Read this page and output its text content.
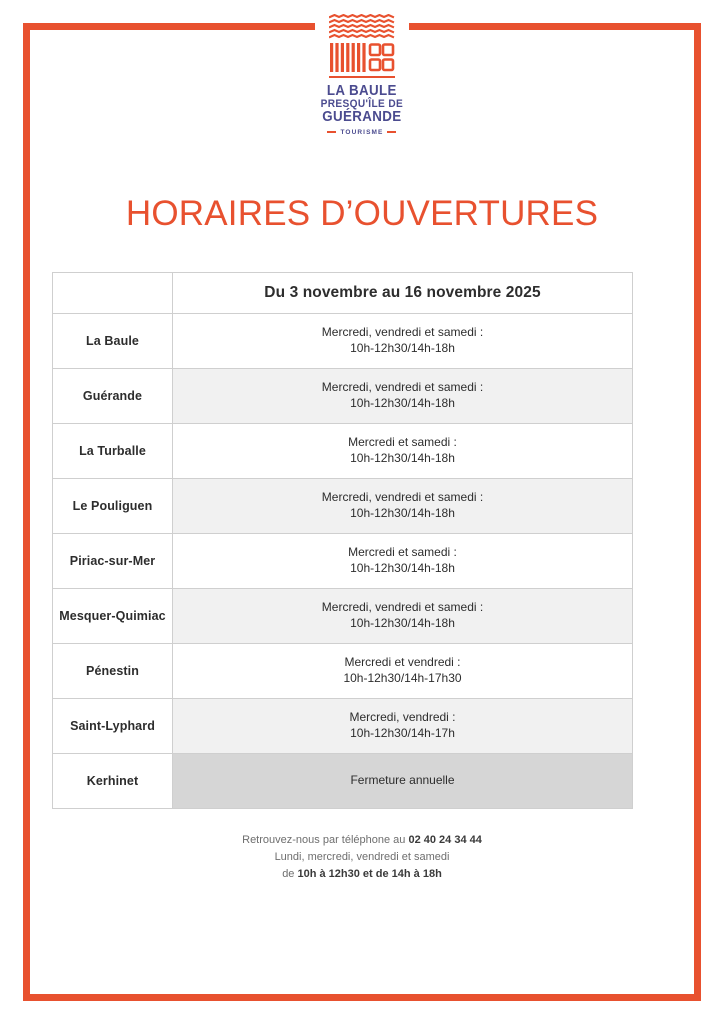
LA BAULE
PRESQU'ÎLE DE
GUÉRANDE
TOURISME
HORAIRES D’OUVERTURES
	Du 3 novembre au 16 novembre 2025
La Baule	Mercredi, vendredi et samedi :
10h-12h30/14h-18h

Guérande	Mercredi, vendredi et samedi :
10h-12h30/14h-18h

La Turballe	Mercredi et samedi :
10h-12h30/14h-18h

Le Pouliguen	Mercredi, vendredi et samedi :
10h-12h30/14h-18h

Piriac-sur-Mer	Mercredi et samedi :
10h-12h30/14h-18h

Mesquer-Quimiac	Mercredi, vendredi et samedi :
10h-12h30/14h-18h

Pénestin	Mercredi et vendredi :
10h-12h30/14h-17h30

Saint-Lyphard	Mercredi, vendredi :
10h-12h30/14h-17h

Kerhinet	Fermeture annuelle
Retrouvez-nous par téléphone au 02 40 24 34 44
Lundi, mercredi, vendredi et samedi
de 10h à 12h30 et de 14h à 18h
